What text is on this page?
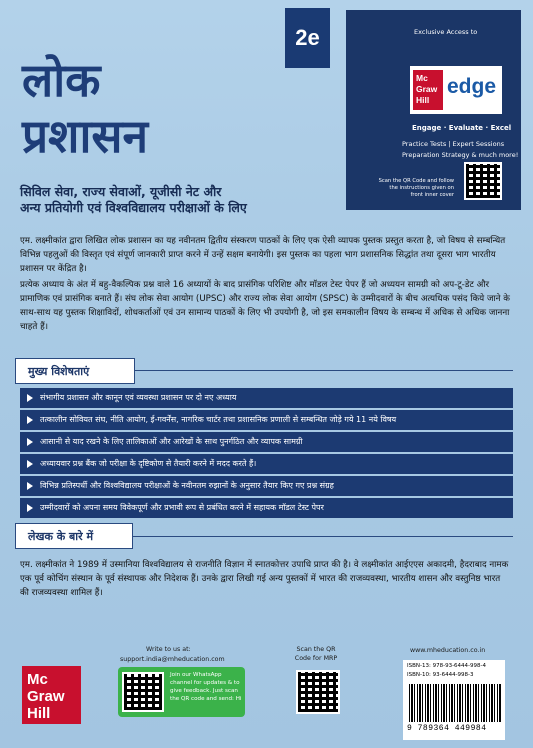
लोक
प्रशासन
2e
सिविल सेवा, राज्य सेवाओं, यूजीसी नेट और
अन्य प्रतियोगी एवं विश्वविद्यालय परीक्षाओं के लिए
Exclusive Access to
Mc Graw Hill
edge
Engage · Evaluate · Excel
Practice Tests | Expert Sessions
Preparation Strategy & much more!
Scan the QR Code and follow the instructions given on front inner cover
एम. लक्ष्मीकांत द्वारा लिखित लोक प्रशासन का यह नवीनतम द्वितीय संस्करण पाठकों के लिए एक ऐसी व्यापक पुस्तक प्रस्तुत करता है, जो विषय से सम्बन्धित विभिन्न पहलुओं की विस्तृत एवं संपूर्ण जानकारी प्राप्त करने में उन्हें सक्षम बनायेगी। इस पुस्तक का पहला भाग प्रशासनिक सिद्धांत तथा दूसरा भाग भारतीय प्रशासन पर केंद्रित है।
प्रत्येक अध्याय के अंत में बहु-वैकल्पिक प्रश्न वाले 16 अध्यायों के बाद प्रासंगिक परिशिष्ट और मॉडल टेस्ट पेपर हैं जो अध्ययन सामग्री को अप-टू-डेट और प्रामाणिक एवं प्रासंगिक बनाते हैं। संघ लोक सेवा आयोग (UPSC) और राज्य लोक सेवा आयोग (SPSC) के उम्मीदवारों के बीच अत्यधिक पसंद किये जाने के साथ-साथ यह पुस्तक शिक्षाविदों, शोधकर्ताओं एवं उन सामान्य पाठकों के लिए भी उपयोगी है, जो इस समकालीन विषय के सम्बन्ध में अधिक से अधिक जानना चाहते हैं।
मुख्य विशेषताएं
संभागीय प्रशासन और कानून एवं व्यवस्था प्रशासन पर दो नए अध्याय
तत्कालीन सोवियत संघ, नीति आयोग, ई-गवर्नेंस, नागरिक चार्टर तथा प्रशासनिक प्रणाली से सम्बन्धित जोड़े गये 11 नये विषय
आसानी से याद रखने के लिए तालिकाओं और आरेखों के साथ पुनर्गठित और व्यापक सामग्री
अध्यायवार प्रश्न बैंक जो परीक्षा के दृष्टिकोण से तैयारी करने में मदद करते हैं।
विभिन्न प्रतिस्पर्धी और विश्वविद्यालय परीक्षाओं के नवीनतम रुझानों के अनुसार तैयार किए गए प्रश्न संग्रह
उम्मीदवारों को अपना समय विवेकपूर्ण और प्रभावी रूप से प्रबंधित करने में सहायक मॉडल टेस्ट पेपर
लेखक के बारे में
एम. लक्ष्मीकांत ने 1989 में उस्मानिया विश्वविद्यालय से राजनीति विज्ञान में स्नातकोत्तर उपाधि प्राप्त की है। वे लक्ष्मीकांत आईएएस अकादमी, हैदराबाद नामक एक पूर्व कोचिंग संस्थान के पूर्व संस्थापक और निदेशक हैं। उनके द्वारा लिखी गई अन्य पुस्तकों में भारत की राजव्यवस्था, भारतीय शासन और वस्तुनिष्ठ भारत की राजव्यवस्था शामिल हैं।
Mc Graw Hill
Write to us at:
support.india@mheducation.com
Join our WhatsApp channel for updates & to give feedback. Just scan the QR code and send: Hi
Scan the QR Code for MRP
www.mheducation.co.in
ISBN-13: 978-93-6444-998-4
ISBN-10: 93-6444-998-3
9 789364 449984
